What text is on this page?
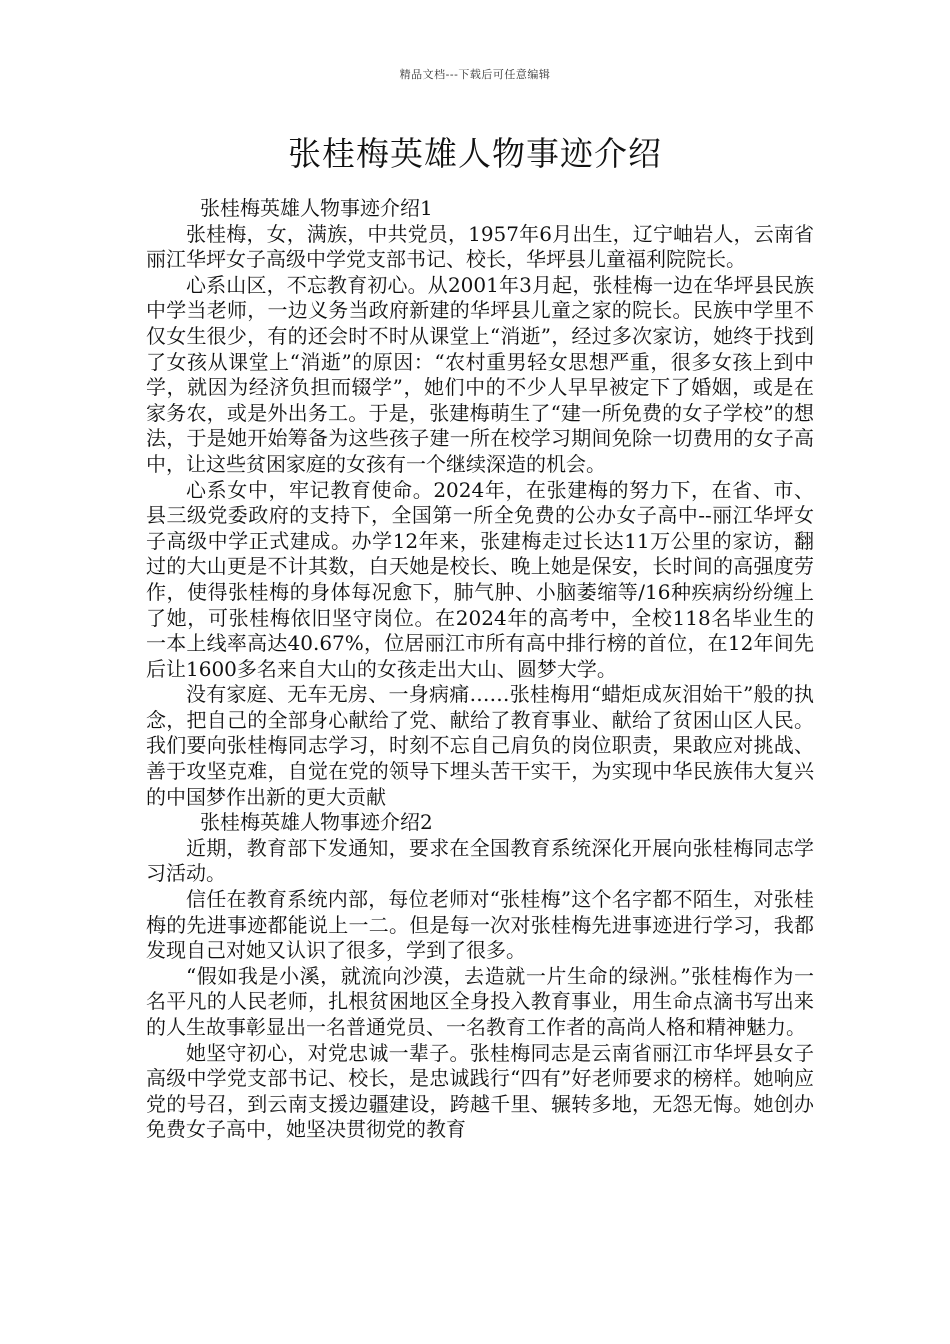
精品文档---下载后可任意编辑
张桂梅英雄人物事迹介绍

张桂梅英雄人物事迹介绍1

张桂梅，女，满族，中共党员，1957年6月出生，辽宁岫岩人，云南省丽江华坪女子高级中学党支部书记、校长，华坪县儿童福利院院长。

心系山区，不忘教育初心。从2001年3月起，张桂梅一边在华坪县民族中学当老师，一边义务当政府新建的华坪县儿童之家的院长。民族中学里不仅女生很少，有的还会时不时从课堂上“消逝”，经过多次家访，她终于找到了女孩从课堂上“消逝”的原因：“农村重男轻女思想严重，很多女孩上到中学，就因为经济负担而辍学”，她们中的不少人早早被定下了婚姻，或是在家务农，或是外出务工。于是，张建梅萌生了“建一所免费的女子学校”的想法，于是她开始筹备为这些孩子建一所在校学习期间免除一切费用的女子高中，让这些贫困家庭的女孩有一个继续深造的机会。

心系女中，牢记教育使命。2024年，在张建梅的努力下，在省、市、县三级党委政府的支持下，全国第一所全免费的公办女子高中--丽江华坪女子高级中学正式建成。办学12年来，张建梅走过长达11万公里的家访，翻过的大山更是不计其数，白天她是校长、晚上她是保安，长时间的高强度劳作，使得张桂梅的身体每况愈下，肺气肿、小脑萎缩等/16种疾病纷纷缠上了她，可张桂梅依旧坚守岗位。在2024年的高考中，全校118名毕业生的一本上线率高达40.67%，位居丽江市所有高中排行榜的首位，在12年间先后让1600多名来自大山的女孩走出大山、圆梦大学。

没有家庭、无车无房、一身病痛……张桂梅用“蜡炬成灰泪始干”般的执念，把自己的全部身心献给了党、献给了教育事业、献给了贫困山区人民。我们要向张桂梅同志学习，时刻不忘自己肩负的岗位职责，果敢应对挑战、善于攻坚克难，自觉在党的领导下埋头苦干实干，为实现中华民族伟大复兴的中国梦作出新的更大贡献

张桂梅英雄人物事迹介绍2

近期，教育部下发通知，要求在全国教育系统深化开展向张桂梅同志学习活动。

信任在教育系统内部，每位老师对“张桂梅”这个名字都不陌生，对张桂梅的先进事迹都能说上一二。但是每一次对张桂梅先进事迹进行学习，我都发现自己对她又认识了很多，学到了很多。

“假如我是小溪，就流向沙漠，去造就一片生命的绿洲。”张桂梅作为一名平凡的人民老师，扎根贫困地区全身投入教育事业，用生命点滴书写出来的人生故事彰显出一名普通党员、一名教育工作者的高尚人格和精神魅力。

她坚守初心，对党忠诚一辈子。张桂梅同志是云南省丽江市华坪县女子高级中学党支部书记、校长，是忠诚践行“四有”好老师要求的榜样。她响应党的号召，到云南支援边疆建设，跨越千里、辗转多地，无怨无悔。她创办免费女子高中，她坚决贯彻党的教育
